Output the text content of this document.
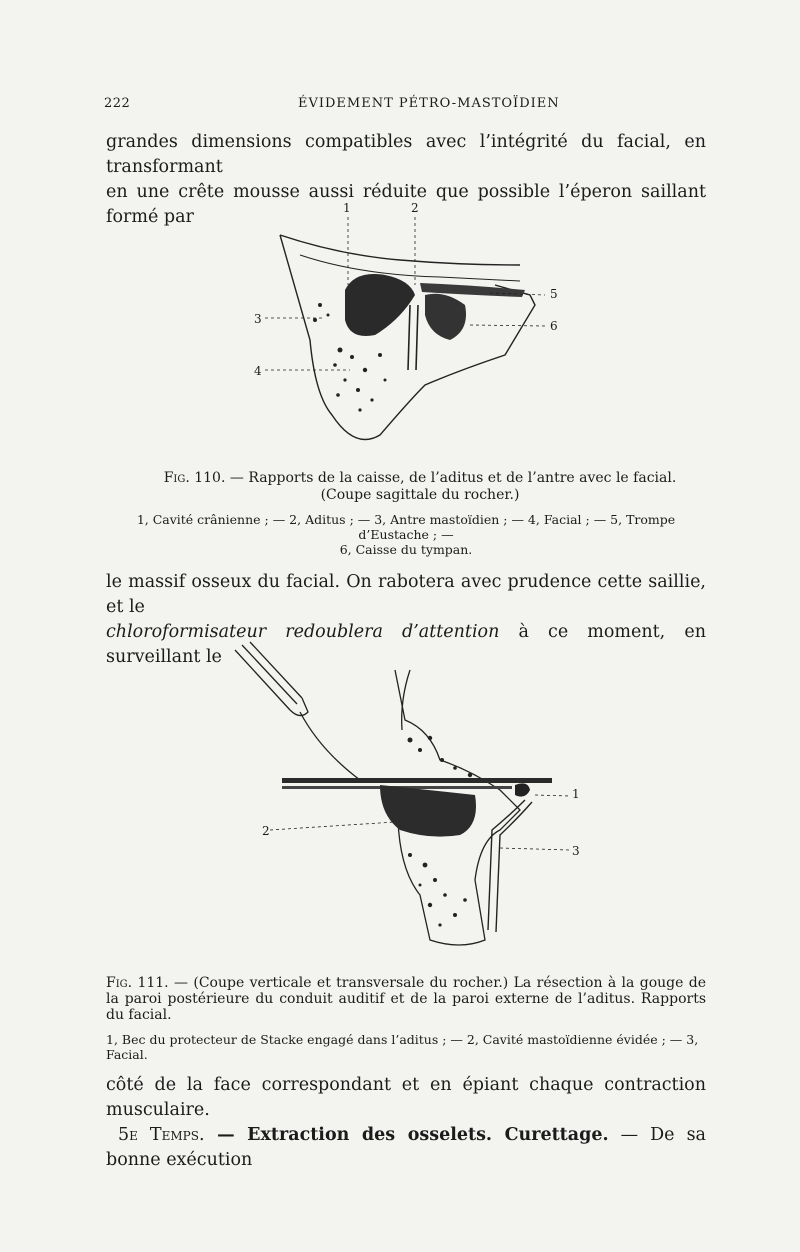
222	ÉVIDEMENT PÉTRO-MASTOÏDIEN
grandes dimensions compatibles avec l’intégrité du facial, en transformant
en une crête mousse aussi réduite que possible l’éperon saillant formé par	1	2
3
4
5
6
Fig. 110. — Rapports de la caisse, de l’aditus et de l’antre avec le facial.
(Coupe sagittale du rocher.)
1, Cavité crânienne ; — 2, Aditus ; — 3, Antre mastoïdien ; — 4, Facial ; — 5, Trompe d’Eustache ; —
6, Caisse du tympan.
le massif osseux du facial. On rabotera avec prudence cette saillie, et le
chloroformisateur redoublera d’attention à ce moment, en surveillant le
1
2
3
Fig. 111. — (Coupe verticale et transversale du rocher.) La résection à la gouge de la paroi postérieure du conduit auditif et de la paroi externe de l’aditus. Rapports du facial.
1, Bec du protecteur de Stacke engagé dans l’aditus ; — 2, Cavité mastoïdienne évidée ; — 3, Facial.
côté de la face correspondant et en épiant chaque contraction musculaire.
5e Temps. — Extraction des osselets. Curettage. — De sa bonne exécution
